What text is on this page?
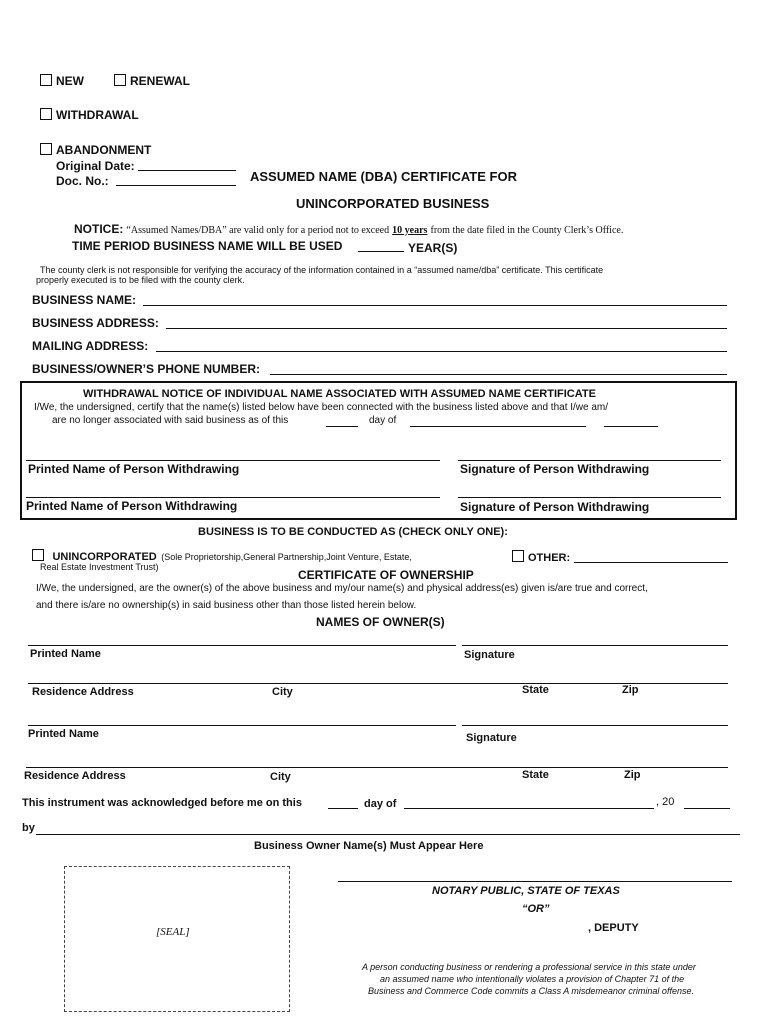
NEW	RENEWAL
WITHDRAWAL
ABANDONMENT
Original Date:
Doc. No.:	ASSUMED NAME (DBA) CERTIFICATE FOR
UNINCORPORATED BUSINESS
NOTICE: “Assumed Names/DBA” are valid only for a period not to exceed 10 years from the date filed in the County Clerk’s Office.
TIME PERIOD BUSINESS NAME WILL BE USED	YEAR(S)
The county clerk is not responsible for verifying the accuracy of the information contained in a “assumed name/dba” certificate. This certificate
properly executed is to be filed with the county clerk.
BUSINESS NAME:
BUSINESS ADDRESS:
MAILING ADDRESS:
BUSINESS/OWNER’S PHONE NUMBER:
WITHDRAWAL NOTICE OF INDIVIDUAL NAME ASSOCIATED WITH ASSUMED NAME CERTIFICATE
I/We, the undersigned, certify that the name(s) listed below have been connected with the business listed above and that I/we am/
are no longer associated with said business as of this	day of
Printed Name of Person Withdrawing	Signature of Person Withdrawing
Printed Name of Person Withdrawing	Signature of Person Withdrawing
BUSINESS IS TO BE CONDUCTED AS (CHECK ONLY ONE):
UNINCORPORATED (Sole Proprietorship,General Partnership,Joint Venture, Estate,
Real Estate Investment Trust)
OTHER:
CERTIFICATE OF OWNERSHIP
I/We, the undersigned, are the owner(s) of the above business and my/our name(s) and physical address(es) given is/are true and correct,
and there is/are no ownership(s) in said business other than those listed herein below.
NAMES OF OWNER(S)
Printed Name	Signature
Residence Address	City	State	Zip
Printed Name	Signature
Residence Address	City	State	Zip
This instrument was acknowledged before me on this	day of	, 20
by
Business Owner Name(s) Must Appear Here
[SEAL]
NOTARY PUBLIC, STATE OF TEXAS
“OR”
, DEPUTY
A person conducting business or rendering a professional service in this state under
an assumed name who intentionally violates a provision of Chapter 71 of the
Business and Commerce Code commits a Class A misdemeanor criminal offense.
